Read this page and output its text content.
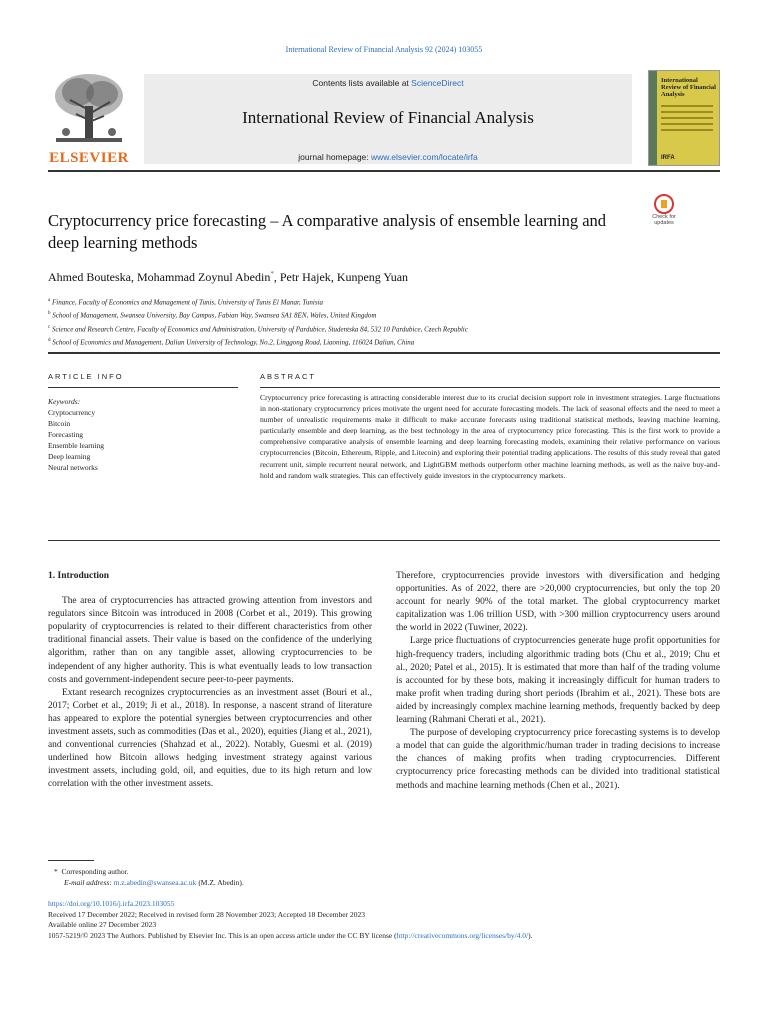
International Review of Financial Analysis 92 (2024) 103055
ELSEVIER
Contents lists available at ScienceDirect
International Review of Financial Analysis
journal homepage: www.elsevier.com/locate/irfa
International Review of Financial Analysis
IRFA
Cryptocurrency price forecasting – A comparative analysis of ensemble learning and deep learning methods
Check for
updates
Ahmed Bouteska, Mohammad Zoynul Abedin*, Petr Hajek, Kunpeng Yuan
$^a$ Finance, Faculty of Economics and Management of Tunis, University of Tunis El Manar, Tunisia
$^b$ School of Management, Swansea University, Bay Campus, Fabian Way, Swansea SA1 8EN, Wales, United Kingdom
$^c$ Science and Research Centre, Faculty of Economics and Administration, University of Pardubice, Studentska 84, 532 10 Pardubice, Czech Republic
$^d$ School of Economics and Management, Dalian University of Technology, No.2, Linggong Road, Liaoning, 116024 Dalian, China
ARTICLE INFO	ABSTRACT
Keywords:
Cryptocurrency
Bitcoin
Forecasting
Ensemble learning
Deep learning
Neural networks
Cryptocurrency price forecasting is attracting considerable interest due to its crucial decision support role in investment strategies. Large fluctuations in non-stationary cryptocurrency prices motivate the urgent need for accurate forecasting models. The lack of seasonal effects and the need to meet a number of unrealistic requirements make it difficult to make accurate forecasts using traditional statistical methods, leaving machine learning, particularly ensemble and deep learning, as the best technology in the area of cryptocurrency price forecasting. This is the first work to provide a comprehensive comparative analysis of ensemble learning and deep learning forecasting models, examining their relative performance on various cryptocurrencies (Bitcoin, Ethereum, Ripple, and Litecoin) and exploring their potential trading applications. The results of this study reveal that gated recurrent unit, simple recurrent neural network, and LightGBM methods outperform other machine learning methods, as well as the naive buy-and-hold and random walk strategies. This can effectively guide investors in the cryptocurrency markets.
1. Introduction

The area of cryptocurrencies has attracted growing attention from investors and regulators since Bitcoin was introduced in 2008 (Corbet et al., 2019). This growing popularity of cryptocurrencies is related to their different characteristics from other traditional financial assets. Their value is based on the confidence of the underlying algorithm, rather than on any tangible asset, allowing cryptocurrencies to be independent of any higher authority. This is what eventually leads to low transaction costs and government-independent secure peer-to-peer payments.

Extant research recognizes cryptocurrencies as an investment asset (Bouri et al., 2017; Corbet et al., 2019; Ji et al., 2018). In response, a nascent strand of literature has appeared to explore the potential synergies between cryptocurrencies and other investment assets, such as commodities (Das et al., 2020), equities (Jiang et al., 2021), and conventional currencies (Shahzad et al., 2022). Notably, Guesmi et al. (2019) underlined how Bitcoin allows hedging investment strategy against various investment assets, including gold, oil, and equities, due to its high return and low correlation with the other investment assets.

Therefore, cryptocurrencies provide investors with diversification and hedging opportunities. As of 2022, there are >20,000 cryptocurrencies, but only the top 20 account for nearly 90% of the total market. The global cryptocurrency market capitalization was 1.06 trillion USD, with >300 million cryptocurrency users around the world in 2022 (Tuwiner, 2022).

Large price fluctuations of cryptocurrencies generate huge profit opportunities for high-frequency traders, including algorithmic trading bots (Chu et al., 2019; Chu et al., 2020; Patel et al., 2015). It is estimated that more than half of the trading volume is accounted for by these bots, making it increasingly difficult for human traders to make profit when trading during short periods (Ibrahim et al., 2021). These bots are aided by increasingly complex machine learning methods, frequently backed by deep learning (Rahmani Cherati et al., 2021).

The purpose of developing cryptocurrency price forecasting systems is to develop a model that can guide the algorithmic/human trader in trading decisions to increase the chances of making profits when trading cryptocurrencies. Different cryptocurrency price forecasting methods can be divided into traditional statistical methods and machine learning methods (Chen et al., 2021).

* Corresponding author.
E-mail address: m.z.abedin@swansea.ac.uk (M.Z. Abedin).
https://doi.org/10.1016/j.irfa.2023.103055
Received 17 December 2022; Received in revised form 28 November 2023; Accepted 18 December 2023
Available online 27 December 2023
1057-5219/© 2023 The Authors. Published by Elsevier Inc. This is an open access article under the CC BY license (http://creativecommons.org/licenses/by/4.0/).
